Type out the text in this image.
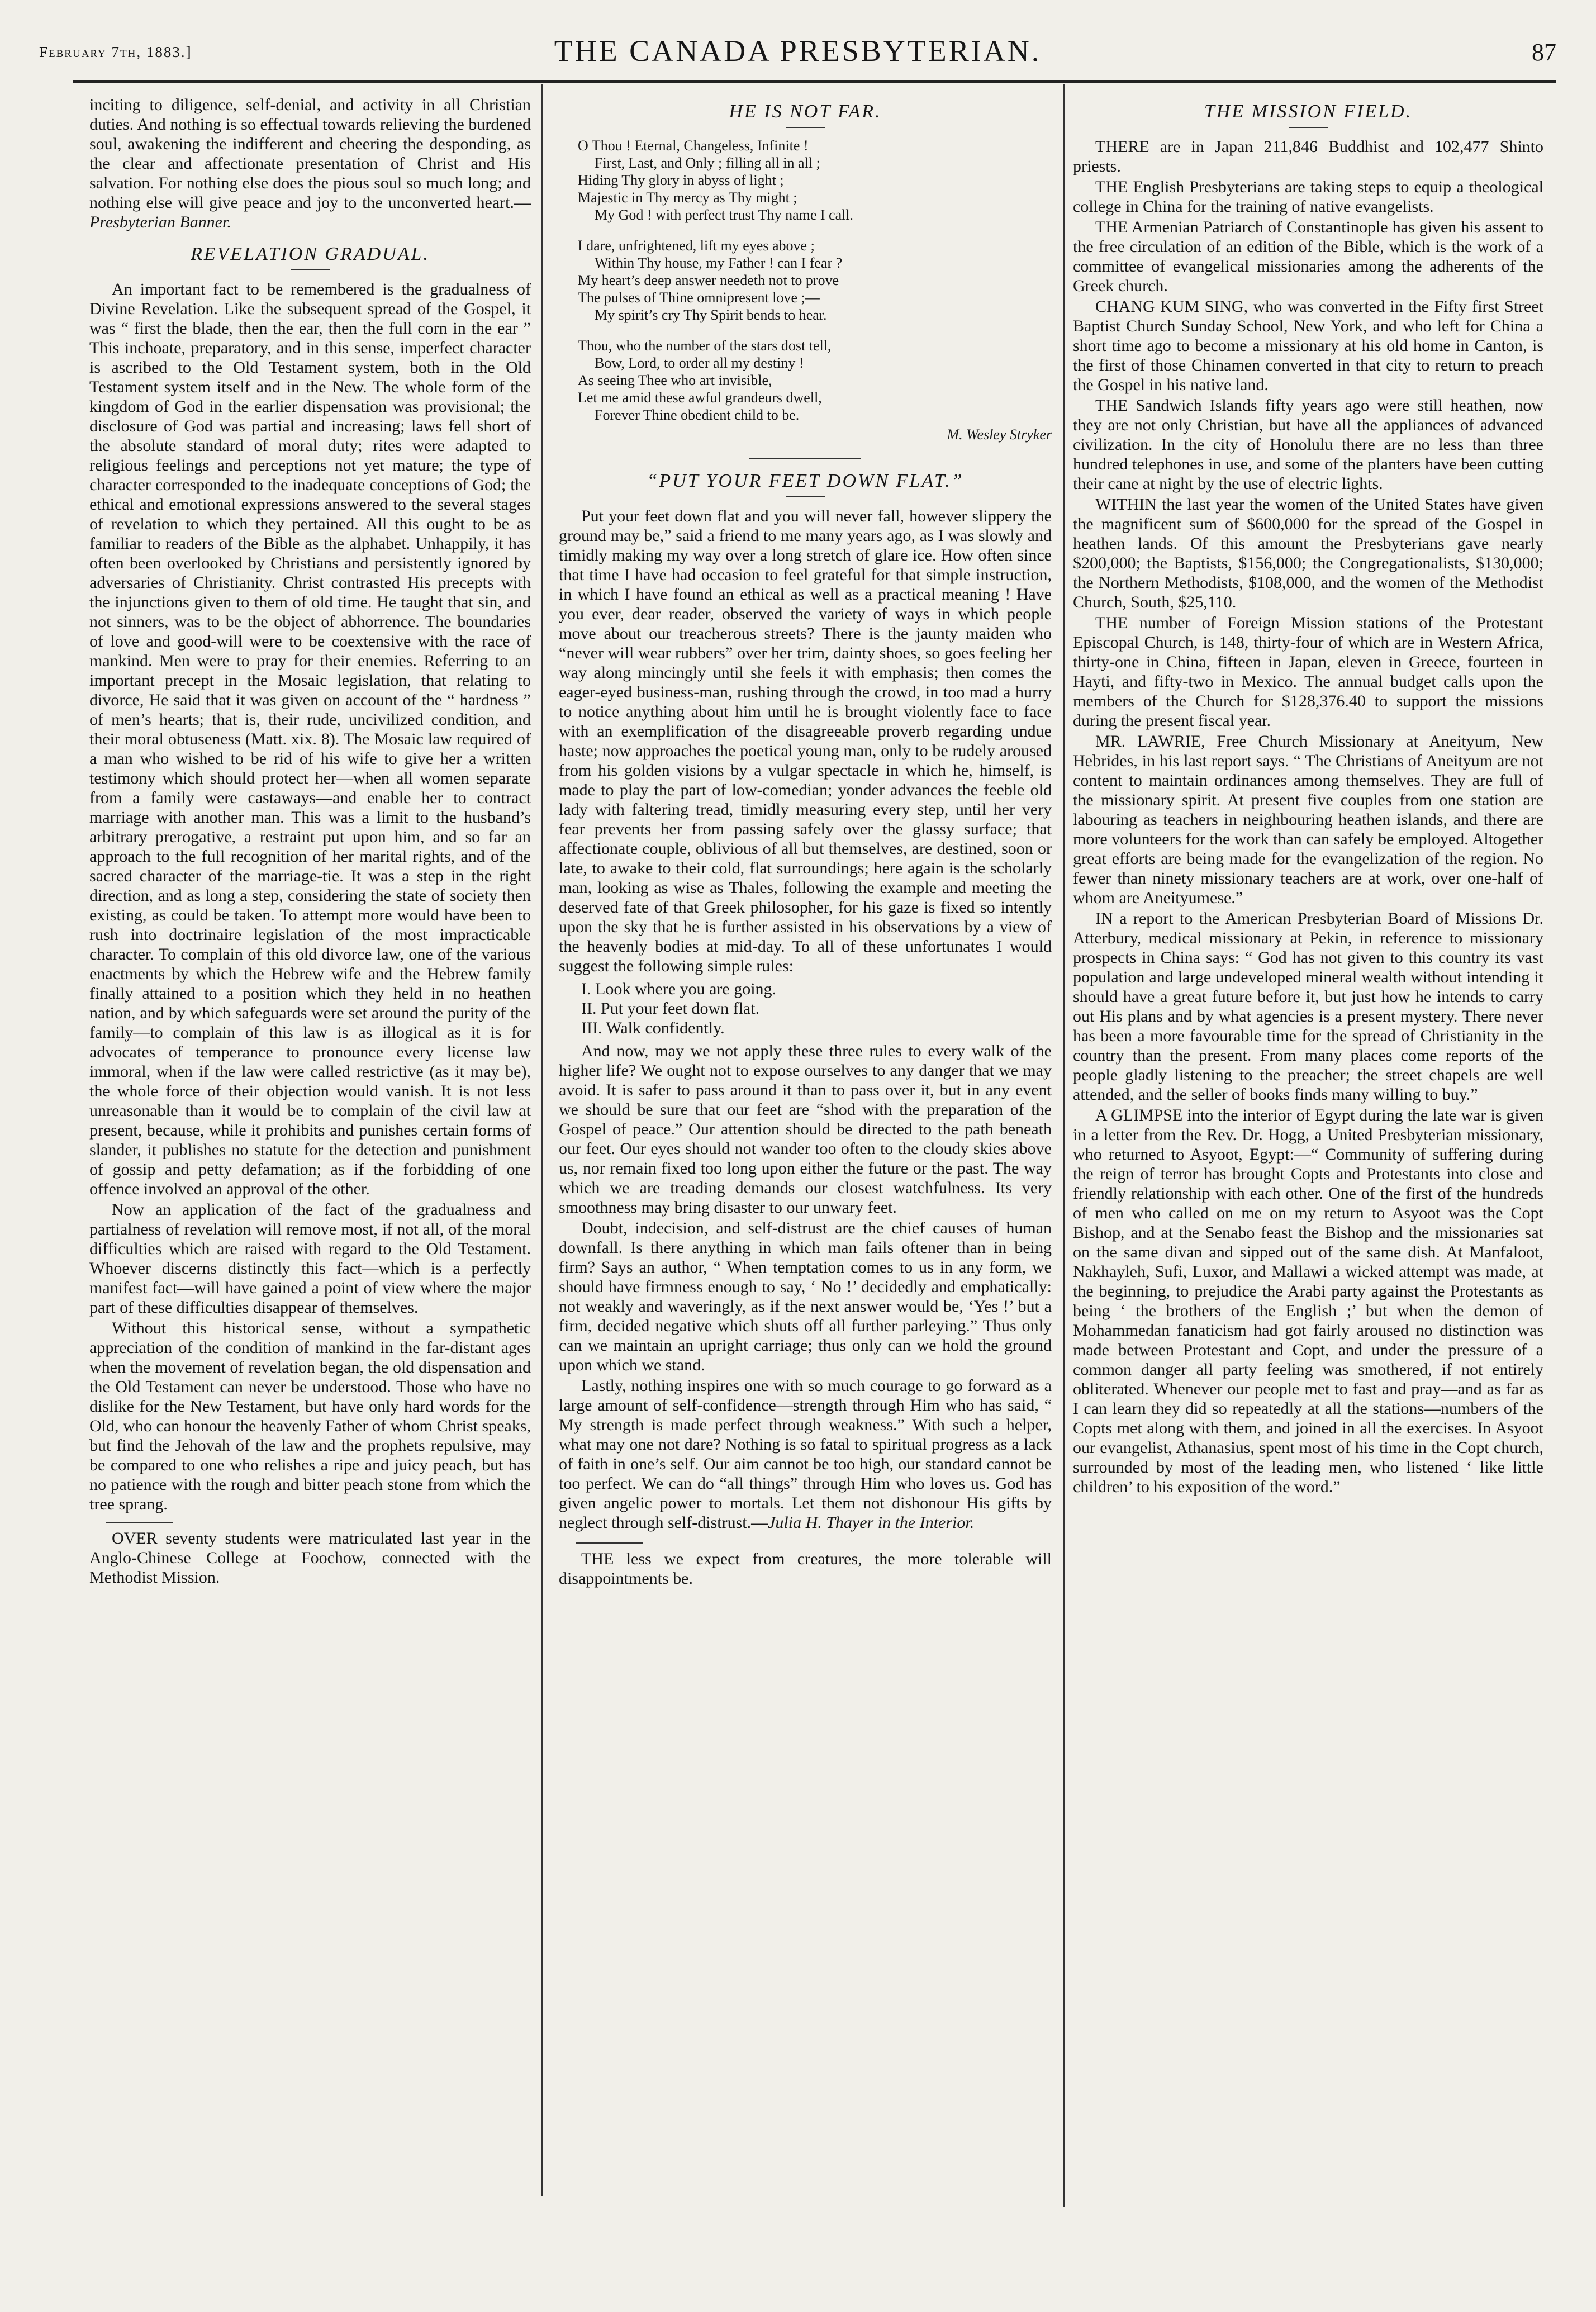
February 7th, 1883.]	THE CANADA PRESBYTERIAN.	87

inciting to diligence, self-denial, and activity in all Christian duties. And nothing is so effectual towards relieving the burdened soul, awakening the indifferent and cheering the desponding, as the clear and affectionate presentation of Christ and His salvation. For nothing else does the pious soul so much long; and nothing else will give peace and joy to the unconverted heart.—Presbyterian Banner.

REVELATION GRADUAL.

An important fact to be remembered is the gradualness of Divine Revelation. Like the subsequent spread of the Gospel, it was “ first the blade, then the ear, then the full corn in the ear ” This inchoate, preparatory, and in this sense, imperfect character is ascribed to the Old Testament system, both in the Old Testament system itself and in the New. The whole form of the kingdom of God in the earlier dispensation was provisional; the disclosure of God was partial and increasing; laws fell short of the absolute standard of moral duty; rites were adapted to religious feelings and perceptions not yet mature; the type of character corresponded to the inadequate conceptions of God; the ethical and emotional expressions answered to the several stages of revelation to which they pertained. All this ought to be as familiar to readers of the Bible as the alphabet. Unhappily, it has often been overlooked by Christians and persistently ignored by adversaries of Christianity. Christ contrasted His precepts with the injunctions given to them of old time. He taught that sin, and not sinners, was to be the object of abhorrence. The boundaries of love and good-will were to be coextensive with the race of mankind. Men were to pray for their enemies. Referring to an important precept in the Mosaic legislation, that relating to divorce, He said that it was given on account of the “ hardness ” of men’s hearts; that is, their rude, uncivilized condition, and their moral obtuseness (Matt. xix. 8). The Mosaic law required of a man who wished to be rid of his wife to give her a written testimony which should protect her—when all women separate from a family were castaways—and enable her to contract marriage with another man. This was a limit to the husband’s arbitrary prerogative, a restraint put upon him, and so far an approach to the full recognition of her marital rights, and of the sacred character of the marriage-tie. It was a step in the right direction, and as long a step, considering the state of society then existing, as could be taken. To attempt more would have been to rush into doctrinaire legislation of the most impracticable character. To complain of this old divorce law, one of the various enactments by which the Hebrew wife and the Hebrew family finally attained to a position which they held in no heathen nation, and by which safeguards were set around the purity of the family—to complain of this law is as illogical as it is for advocates of temperance to pronounce every license law immoral, when if the law were called restrictive (as it may be), the whole force of their objection would vanish. It is not less unreasonable than it would be to complain of the civil law at present, because, while it prohibits and punishes certain forms of slander, it publishes no statute for the detection and punishment of gossip and petty defamation; as if the forbidding of one offence involved an approval of the other.

Now an application of the fact of the gradualness and partialness of revelation will remove most, if not all, of the moral difficulties which are raised with regard to the Old Testament. Whoever discerns distinctly this fact—which is a perfectly manifest fact—will have gained a point of view where the major part of these difficulties disappear of themselves.

Without this historical sense, without a sympathetic appreciation of the condition of mankind in the far-distant ages when the movement of revelation began, the old dispensation and the Old Testament can never be understood. Those who have no dislike for the New Testament, but have only hard words for the Old, who can honour the heavenly Father of whom Christ speaks, but find the Jehovah of the law and the prophets repulsive, may be compared to one who relishes a ripe and juicy peach, but has no patience with the rough and bitter peach stone from which the tree sprang.

OVER seventy students were matriculated last year in the Anglo-Chinese College at Foochow, connected with the Methodist Mission.

HE IS NOT FAR.
O Thou ! Eternal, Changeless, Infinite !
First, Last, and Only ; filling all in all ;
Hiding Thy glory in abyss of light ;
Majestic in Thy mercy as Thy might ;
My God ! with perfect trust Thy name I call.
I dare, unfrightened, lift my eyes above ;
Within Thy house, my Father ! can I fear ?
My heart’s deep answer needeth not to prove
The pulses of Thine omnipresent love ;—
My spirit’s cry Thy Spirit bends to hear.
Thou, who the number of the stars dost tell,
Bow, Lord, to order all my destiny !
As seeing Thee who art invisible,
Let me amid these awful grandeurs dwell,
Forever Thine obedient child to be.
M. Wesley Stryker
“PUT YOUR FEET DOWN FLAT.”

Put your feet down flat and you will never fall, however slippery the ground may be,” said a friend to me many years ago, as I was slowly and timidly making my way over a long stretch of glare ice. How often since that time I have had occasion to feel grateful for that simple instruction, in which I have found an ethical as well as a practical meaning ! Have you ever, dear reader, observed the variety of ways in which people move about our treacherous streets? There is the jaunty maiden who “never will wear rubbers” over her trim, dainty shoes, so goes feeling her way along mincingly until she feels it with emphasis; then comes the eager-eyed business-man, rushing through the crowd, in too mad a hurry to notice anything about him until he is brought violently face to face with an exemplification of the disagreeable proverb regarding undue haste; now approaches the poetical young man, only to be rudely aroused from his golden visions by a vulgar spectacle in which he, himself, is made to play the part of low-comedian; yonder advances the feeble old lady with faltering tread, timidly measuring every step, until her very fear prevents her from passing safely over the glassy surface; that affectionate couple, oblivious of all but themselves, are destined, soon or late, to awake to their cold, flat surroundings; here again is the scholarly man, looking as wise as Thales, following the example and meeting the deserved fate of that Greek philosopher, for his gaze is fixed so intently upon the sky that he is further assisted in his observations by a view of the heavenly bodies at mid-day. To all of these unfortunates I would suggest the following simple rules:

I. Look where you are going.
II. Put your feet down flat.
III. Walk confidently.

And now, may we not apply these three rules to every walk of the higher life? We ought not to expose ourselves to any danger that we may avoid. It is safer to pass around it than to pass over it, but in any event we should be sure that our feet are “shod with the preparation of the Gospel of peace.” Our attention should be directed to the path beneath our feet. Our eyes should not wander too often to the cloudy skies above us, nor remain fixed too long upon either the future or the past. The way which we are treading demands our closest watchfulness. Its very smoothness may bring disaster to our unwary feet.

Doubt, indecision, and self-distrust are the chief causes of human downfall. Is there anything in which man fails oftener than in being firm? Says an author, “ When temptation comes to us in any form, we should have firmness enough to say, ‘ No !’ decidedly and emphatically: not weakly and waveringly, as if the next answer would be, ‘Yes !’ but a firm, decided negative which shuts off all further parleying.” Thus only can we maintain an upright carriage; thus only can we hold the ground upon which we stand.

Lastly, nothing inspires one with so much courage to go forward as a large amount of self-confidence—strength through Him who has said, “ My strength is made perfect through weakness.” With such a helper, what may one not dare? Nothing is so fatal to spiritual progress as a lack of faith in one’s self. Our aim cannot be too high, our standard cannot be too perfect. We can do “all things” through Him who loves us. God has given angelic power to mortals. Let them not dishonour His gifts by neglect through self-distrust.—Julia H. Thayer in the Interior.

THE less we expect from creatures, the more tolerable will disappointments be.

THE MISSION FIELD.

THERE are in Japan 211,846 Buddhist and 102,477 Shinto priests.

THE English Presbyterians are taking steps to equip a theological college in China for the training of native evangelists.

THE Armenian Patriarch of Constantinople has given his assent to the free circulation of an edition of the Bible, which is the work of a committee of evangelical missionaries among the adherents of the Greek church.

CHANG KUM SING, who was converted in the Fifty first Street Baptist Church Sunday School, New York, and who left for China a short time ago to become a missionary at his old home in Canton, is the first of those Chinamen converted in that city to return to preach the Gospel in his native land.

THE Sandwich Islands fifty years ago were still heathen, now they are not only Christian, but have all the appliances of advanced civilization. In the city of Honolulu there are no less than three hundred telephones in use, and some of the planters have been cutting their cane at night by the use of electric lights.

WITHIN the last year the women of the United States have given the magnificent sum of $600,000 for the spread of the Gospel in heathen lands. Of this amount the Presbyterians gave nearly $200,000; the Baptists, $156,000; the Congregationalists, $130,000; the Northern Methodists, $108,000, and the women of the Methodist Church, South, $25,110.

THE number of Foreign Mission stations of the Protestant Episcopal Church, is 148, thirty-four of which are in Western Africa, thirty-one in China, fifteen in Japan, eleven in Greece, fourteen in Hayti, and fifty-two in Mexico. The annual budget calls upon the members of the Church for $128,376.40 to support the missions during the present fiscal year.

MR. LAWRIE, Free Church Missionary at Aneityum, New Hebrides, in his last report says. “ The Christians of Aneityum are not content to maintain ordinances among themselves. They are full of the missionary spirit. At present five couples from one station are labouring as teachers in neighbouring heathen islands, and there are more volunteers for the work than can safely be employed. Altogether great efforts are being made for the evangelization of the region. No fewer than ninety missionary teachers are at work, over one-half of whom are Aneityumese.”

IN a report to the American Presbyterian Board of Missions Dr. Atterbury, medical missionary at Pekin, in reference to missionary prospects in China says: “ God has not given to this country its vast population and large undeveloped mineral wealth without intending it should have a great future before it, but just how he intends to carry out His plans and by what agencies is a present mystery. There never has been a more favourable time for the spread of Christianity in the country than the present. From many places come reports of the people gladly listening to the preacher; the street chapels are well attended, and the seller of books finds many willing to buy.”

A GLIMPSE into the interior of Egypt during the late war is given in a letter from the Rev. Dr. Hogg, a United Presbyterian missionary, who returned to Asyoot, Egypt:—“ Community of suffering during the reign of terror has brought Copts and Protestants into close and friendly relationship with each other. One of the first of the hundreds of men who called on me on my return to Asyoot was the Copt Bishop, and at the Senabo feast the Bishop and the missionaries sat on the same divan and sipped out of the same dish. At Manfaloot, Nakhayleh, Sufi, Luxor, and Mallawi a wicked attempt was made, at the beginning, to prejudice the Arabi party against the Protestants as being ‘ the brothers of the English ;’ but when the demon of Mohammedan fanaticism had got fairly aroused no distinction was made between Protestant and Copt, and under the pressure of a common danger all party feeling was smothered, if not entirely obliterated. Whenever our people met to fast and pray—and as far as I can learn they did so repeatedly at all the stations—numbers of the Copts met along with them, and joined in all the exercises. In Asyoot our evangelist, Athanasius, spent most of his time in the Copt church, surrounded by most of the leading men, who listened ‘ like little children’ to his exposition of the word.”
